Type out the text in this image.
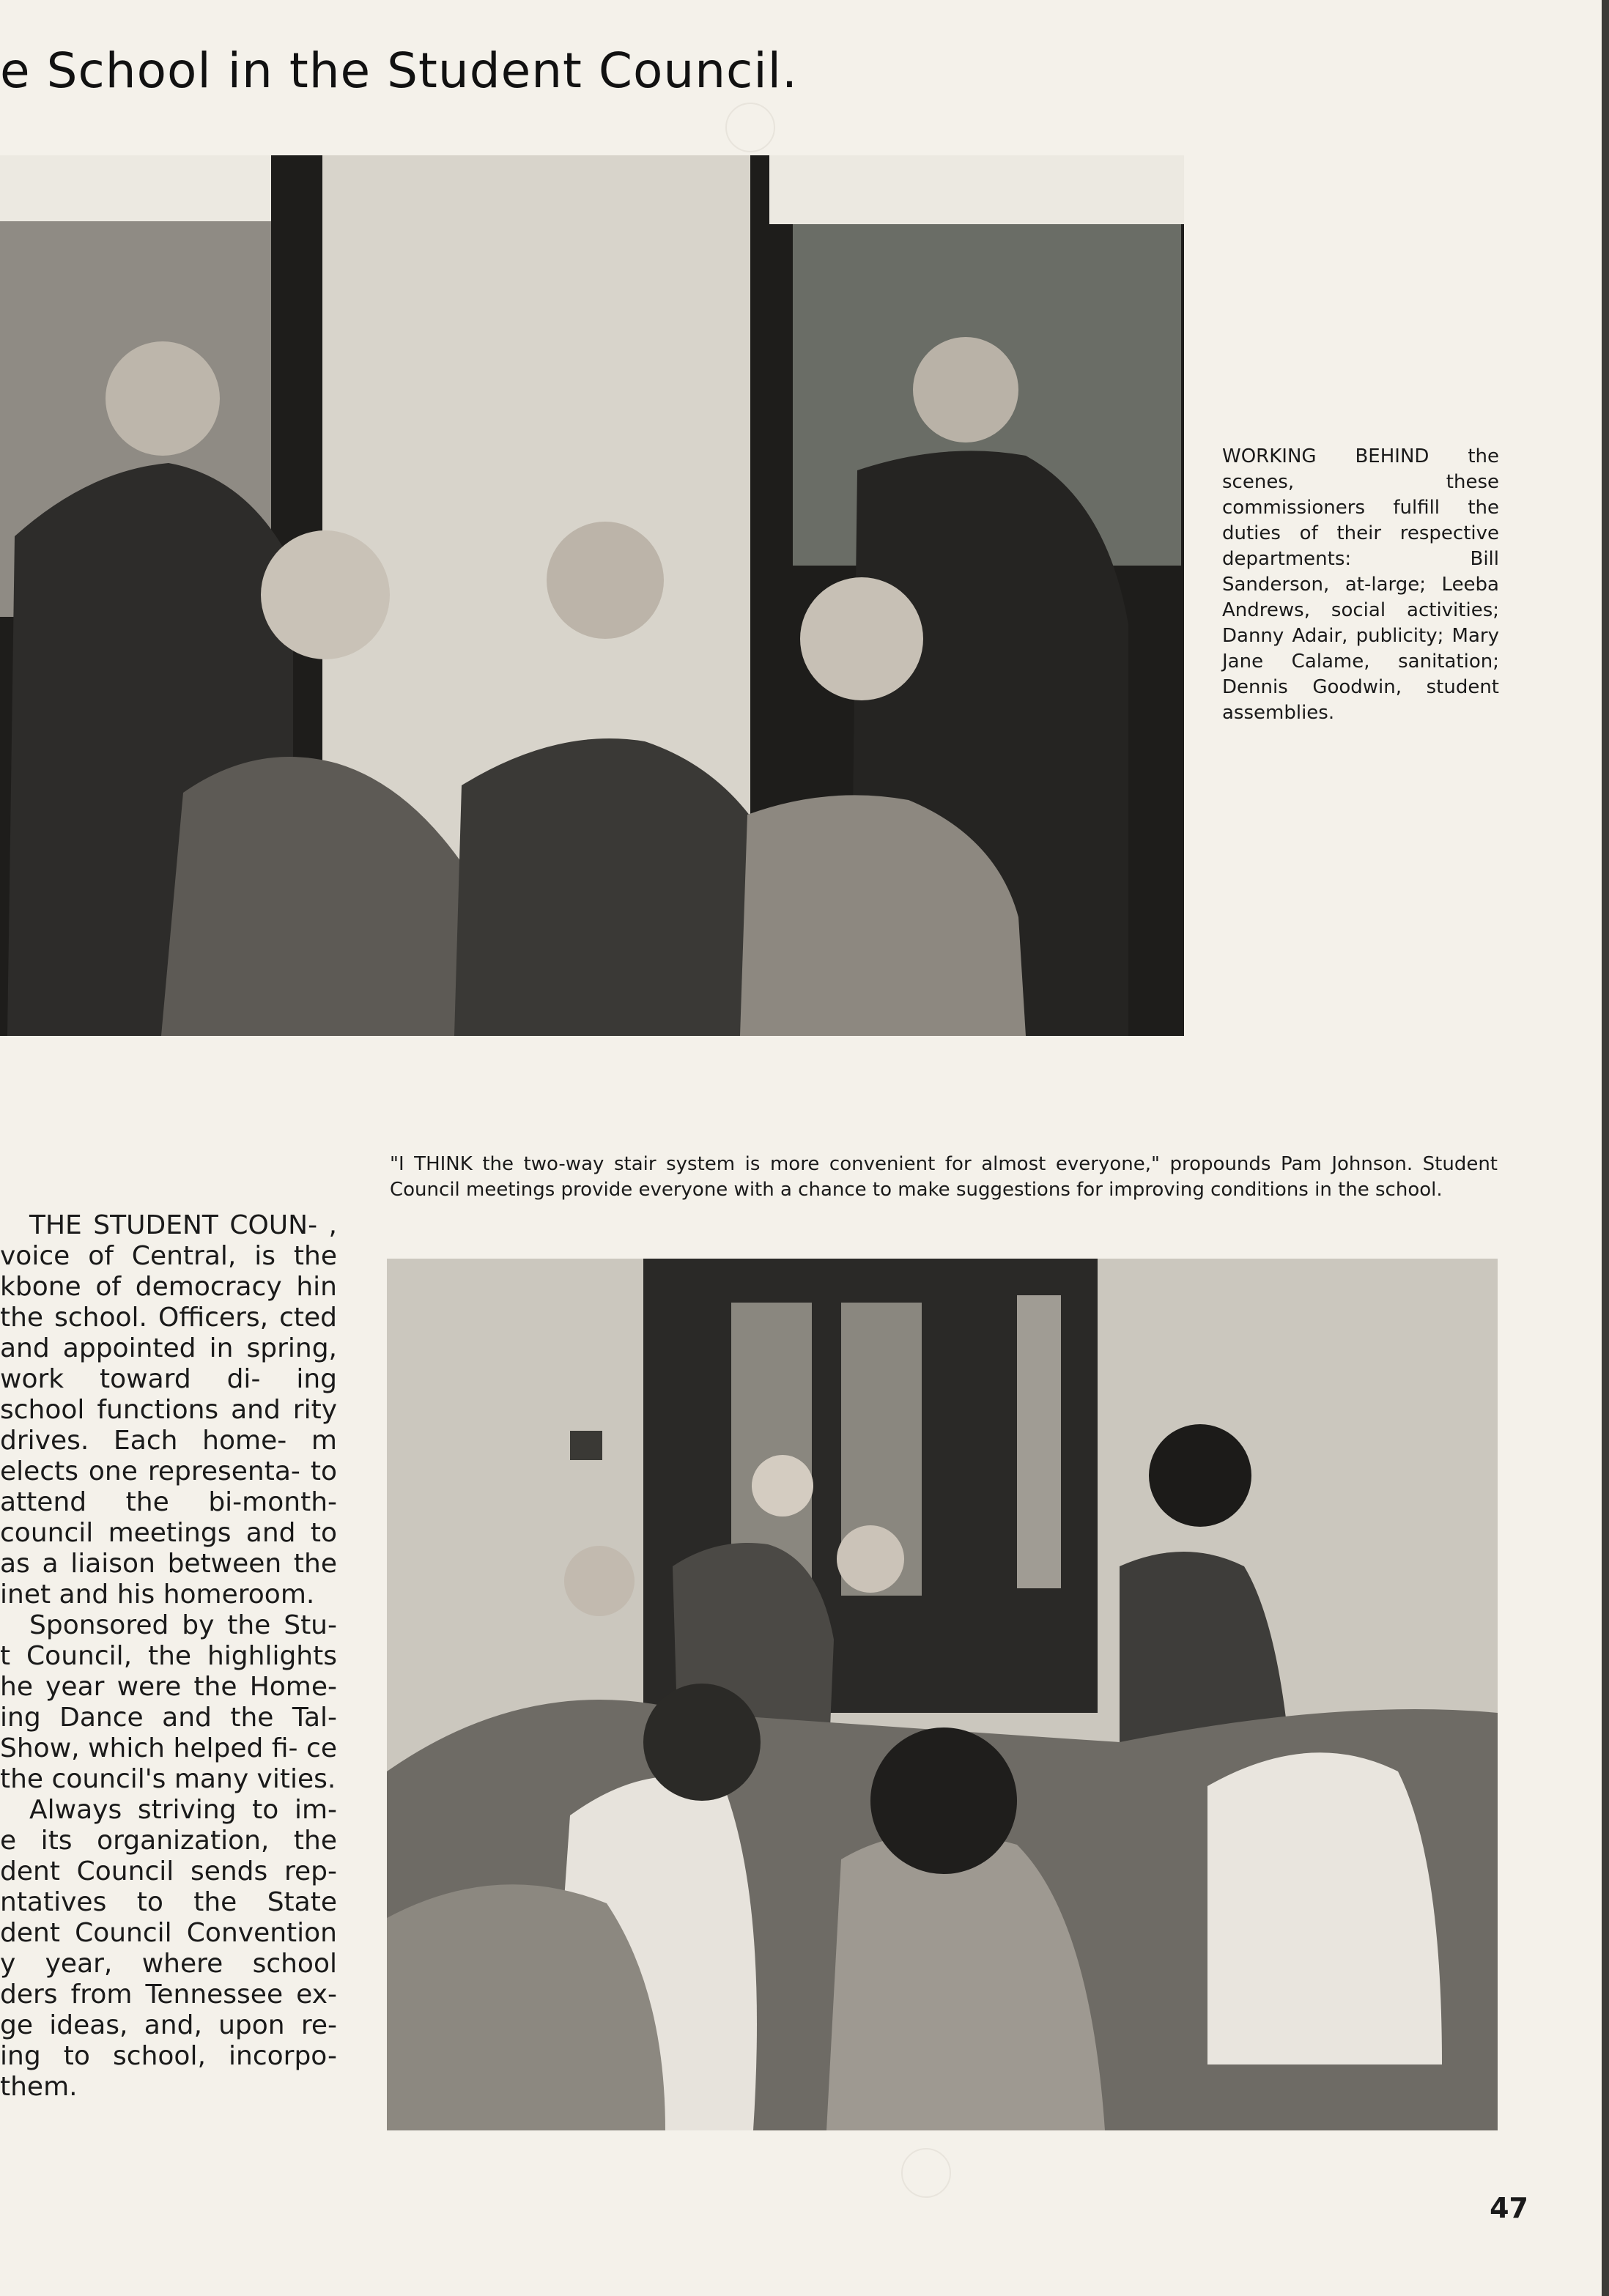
e School in the Student Council.
WORKING BEHIND the scenes, these commissioners fulfill the duties of their respective departments: Bill Sanderson, at-large; Leeba Andrews, social activities; Danny Adair, publicity; Mary Jane Calame, sanitation; Dennis Goodwin, student assemblies.
"I THINK the two-way stair system is more convenient for almost everyone," propounds Pam Johnson. Student Council meetings provide everyone with a chance to make suggestions for improving conditions in the school.

THE STUDENT COUN- , voice of Central, is the kbone of democracy hin the school. Officers, cted and appointed in spring, work toward di- ing school functions and rity drives. Each home- m elects one representa- to attend the bi-month- council meetings and to as a liaison between the inet and his homeroom.

Sponsored by the Stu- t Council, the highlights he year were the Home- ing Dance and the Tal- Show, which helped fi- ce the council's many vities.

Always striving to im- e its organization, the dent Council sends rep- ntatives to the State dent Council Convention y year, where school ders from Tennessee ex- ge ideas, and, upon re- ing to school, incorpo- them.

47
